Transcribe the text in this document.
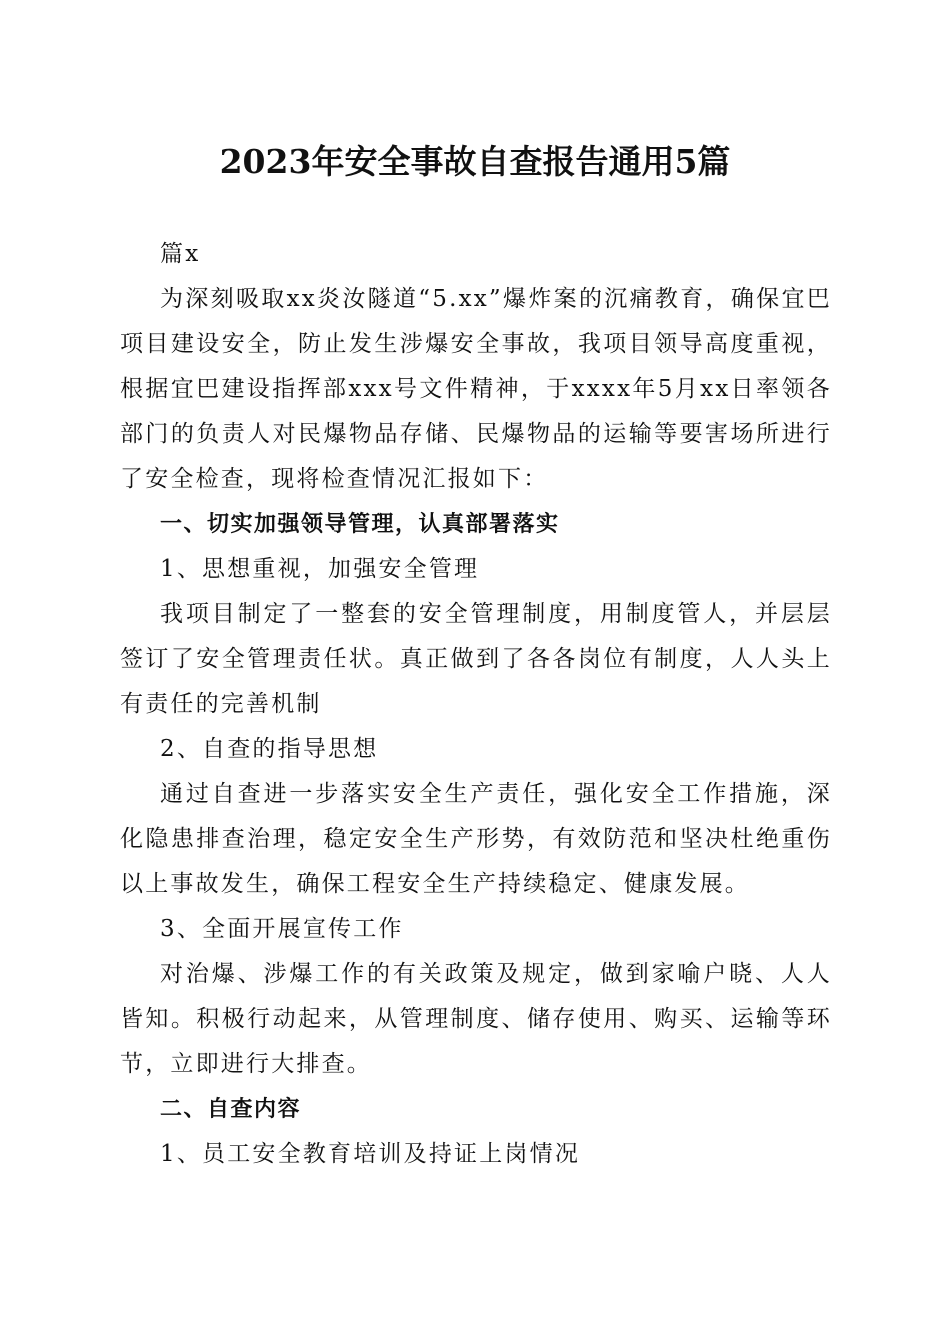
2023年安全事故自查报告通用5篇

篇x

为深刻吸取xx炎汝隧道“5.xx”爆炸案的沉痛教育，确保宜巴项目建设安全，防止发生涉爆安全事故，我项目领导高度重视，根据宜巴建设指挥部xxx号文件精神，于xxxx年5月xx日率领各部门的负责人对民爆物品存储、民爆物品的运输等要害场所进行了安全检查，现将检查情况汇报如下：

一、切实加强领导管理，认真部署落实

1、思想重视，加强安全管理

我项目制定了一整套的安全管理制度，用制度管人，并层层签订了安全管理责任状。真正做到了各各岗位有制度，人人头上有责任的完善机制

2、自查的指导思想

通过自查进一步落实安全生产责任，强化安全工作措施，深化隐患排查治理，稳定安全生产形势，有效防范和坚决杜绝重伤以上事故发生，确保工程安全生产持续稳定、健康发展。

3、全面开展宣传工作

对治爆、涉爆工作的有关政策及规定，做到家喻户晓、人人皆知。积极行动起来，从管理制度、储存使用、购买、运输等环节，立即进行大排查。

二、自查内容

1、员工安全教育培训及持证上岗情况
